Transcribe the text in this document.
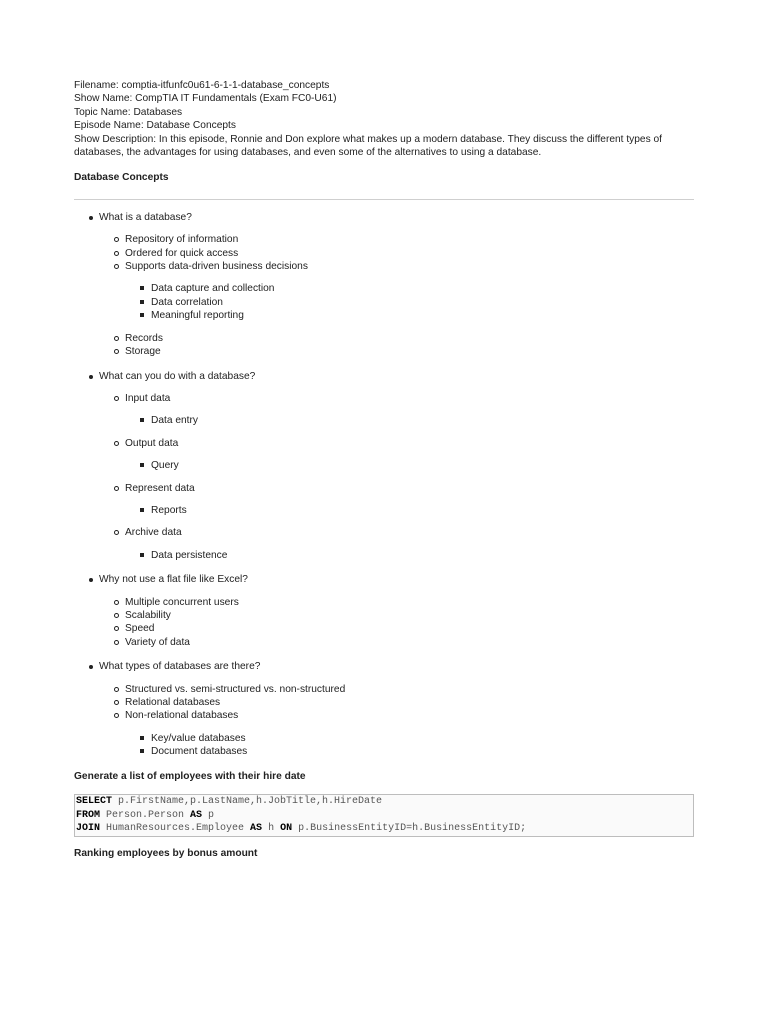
Filename: comptia-itfunfc0u61-6-1-1-database_concepts
Show Name: CompTIA IT Fundamentals (Exam FC0-U61)
Topic Name: Databases
Episode Name: Database Concepts
Show Description: In this episode, Ronnie and Don explore what makes up a modern database. They discuss the different types of databases, the advantages for using databases, and even some of the alternatives to using a database.
Database Concepts
What is a database?
Repository of information
Ordered for quick access
Supports data-driven business decisions
Data capture and collection
Data correlation
Meaningful reporting
Records
Storage
What can you do with a database?
Input data
Data entry
Output data
Query
Represent data
Reports
Archive data
Data persistence
Why not use a flat file like Excel?
Multiple concurrent users
Scalability
Speed
Variety of data
What types of databases are there?
Structured vs. semi-structured vs. non-structured
Relational databases
Non-relational databases
Key/value databases
Document databases
Generate a list of employees with their hire date
SELECT p.FirstName,p.LastName,h.JobTitle,h.HireDate
FROM Person.Person AS p
JOIN HumanResources.Employee AS h ON p.BusinessEntityID=h.BusinessEntityID;
Ranking employees by bonus amount
